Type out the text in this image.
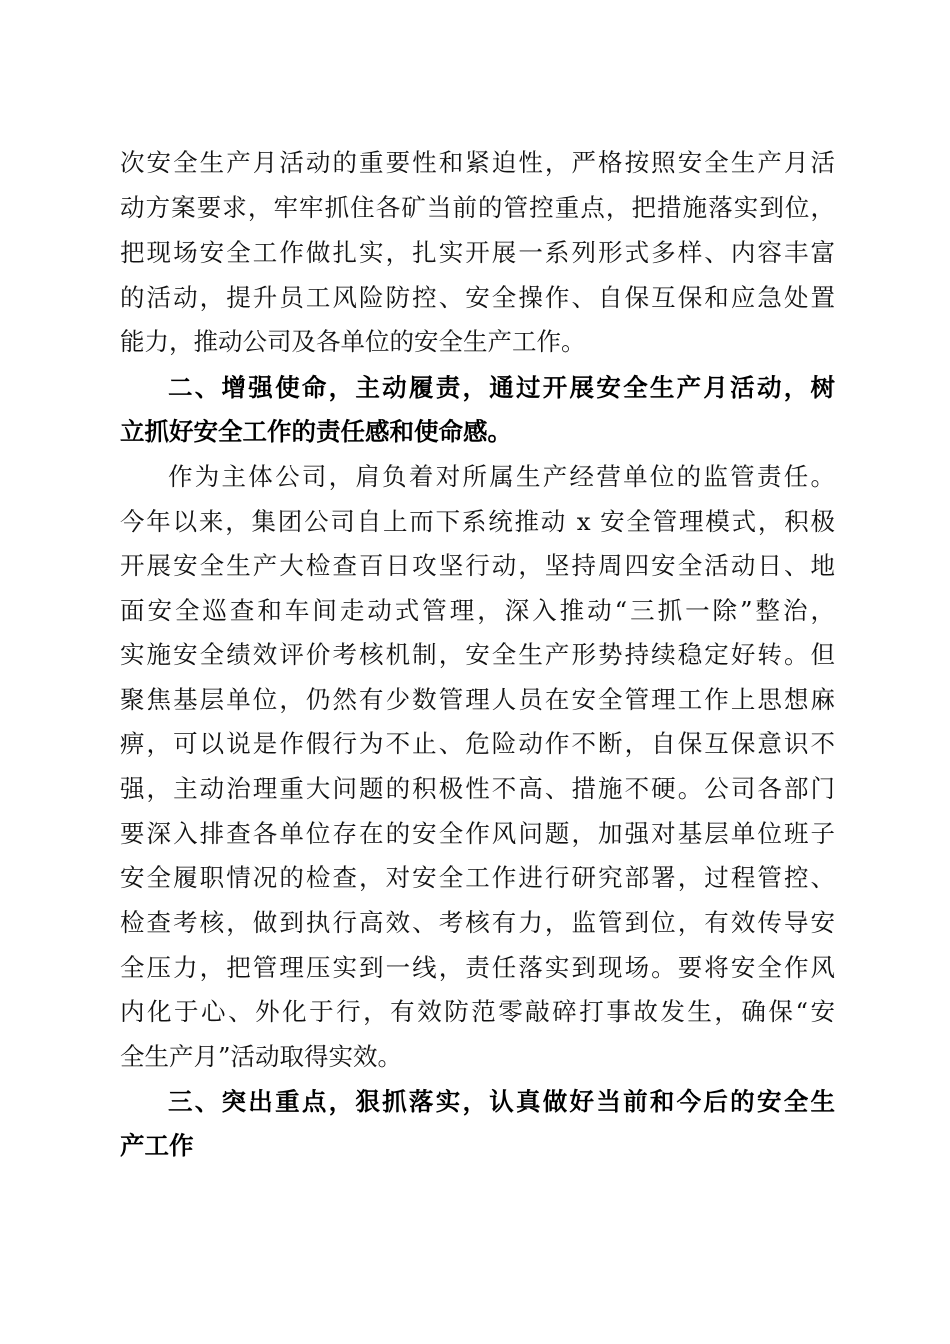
次安全生产月活动的重要性和紧迫性，严格按照安全生产月活
动方案要求，牢牢抓住各矿当前的管控重点，把措施落实到位，
把现场安全工作做扎实，扎实开展一系列形式多样、内容丰富
的活动，提升员工风险防控、安全操作、自保互保和应急处置
能力，推动公司及各单位的安全生产工作。
二、增强使命，主动履责，通过开展安全生产月活动，树
立抓好安全工作的责任感和使命感。
作为主体公司，肩负着对所属生产经营单位的监管责任。
今年以来，集团公司自上而下系统推动 x 安全管理模式，积极
开展安全生产大检查百日攻坚行动，坚持周四安全活动日、地
面安全巡查和车间走动式管理，深入推动“三抓一除”整治，
实施安全绩效评价考核机制，安全生产形势持续稳定好转。但
聚焦基层单位，仍然有少数管理人员在安全管理工作上思想麻
痹，可以说是作假行为不止、危险动作不断，自保互保意识不
强，主动治理重大问题的积极性不高、措施不硬。公司各部门
要深入排查各单位存在的安全作风问题，加强对基层单位班子
安全履职情况的检查，对安全工作进行研究部署，过程管控、
检查考核，做到执行高效、考核有力，监管到位，有效传导安
全压力，把管理压实到一线，责任落实到现场。要将安全作风
内化于心、外化于行，有效防范零敲碎打事故发生，确保“安
全生产月”活动取得实效。
三、突出重点，狠抓落实，认真做好当前和今后的安全生
产工作
